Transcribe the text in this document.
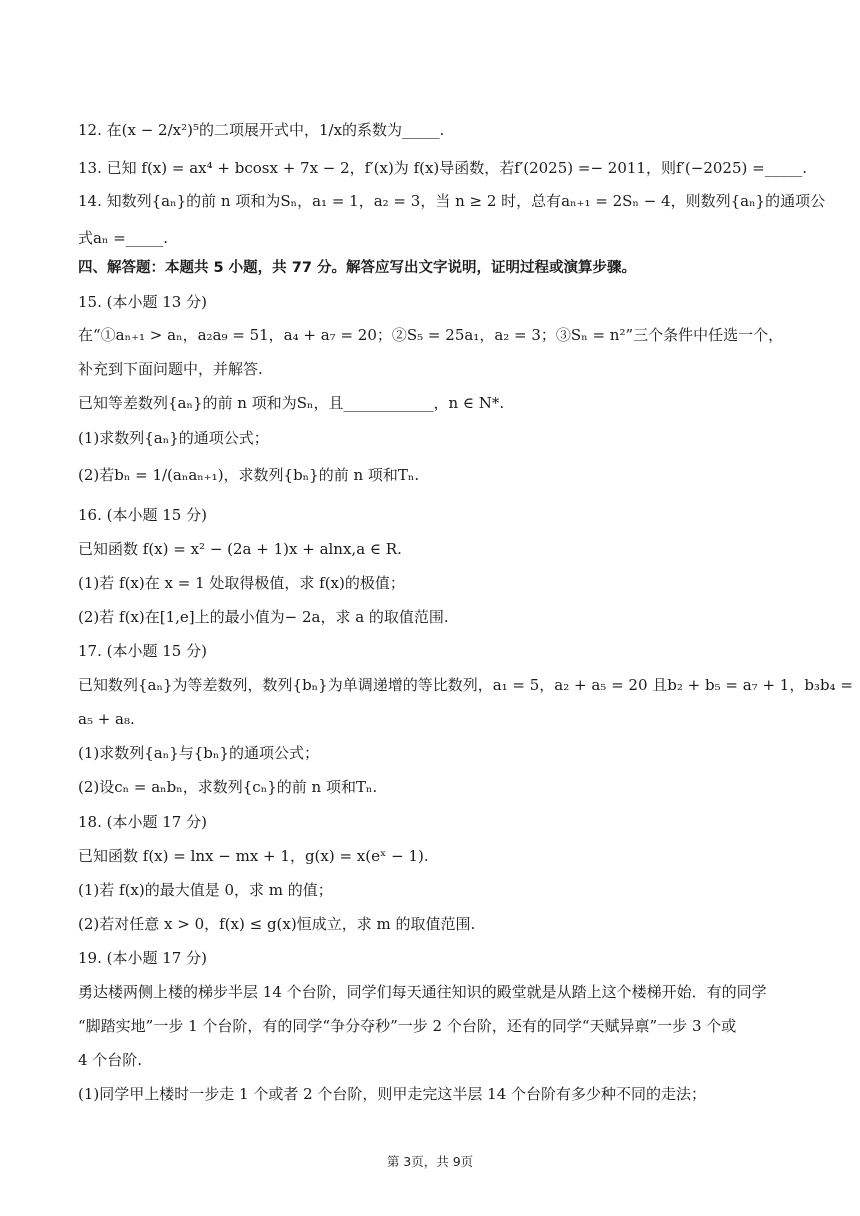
12. 在(x − 2/x²)⁵的二项展开式中，1/x的系数为_____.
13. 已知 f(x) = ax⁴ + bcosx + 7x − 2，f′(x)为 f(x)导函数，若f′(2025) =− 2011，则f′(−2025) =_____.
14. 知数列{aₙ}的前 n 项和为Sₙ，a₁ = 1，a₂ = 3，当 n ≥ 2 时，总有aₙ₊₁ = 2Sₙ − 4，则数列{aₙ}的通项公
式aₙ =_____.
四、解答题：本题共 5 小题，共 77 分。解答应写出文字说明，证明过程或演算步骤。
15. (本小题 13 分)
在“①aₙ₊₁ > aₙ，a₂a₉ = 51，a₄ + a₇ = 20；②S₅ = 25a₁，a₂ = 3；③Sₙ = n²”三个条件中任选一个，
补充到下面问题中，并解答.
已知等差数列{aₙ}的前 n 项和为Sₙ，且____________，n ∈ N*.
(1)求数列{aₙ}的通项公式；
(2)若bₙ = 1/(aₙaₙ₊₁)，求数列{bₙ}的前 n 项和Tₙ.
16. (本小题 15 分)
已知函数 f(x) = x² − (2a + 1)x + alnx,a ∈ R.
(1)若 f(x)在 x = 1 处取得极值，求 f(x)的极值；
(2)若 f(x)在[1,e]上的最小值为− 2a，求 a 的取值范围.
17. (本小题 15 分)
已知数列{aₙ}为等差数列，数列{bₙ}为单调递增的等比数列，a₁ = 5，a₂ + a₅ = 20 且b₂ + b₅ = a₇ + 1，b₃b₄ =
a₅ + a₈.
(1)求数列{aₙ}与{bₙ}的通项公式；
(2)设cₙ = aₙbₙ，求数列{cₙ}的前 n 项和Tₙ.
18. (本小题 17 分)
已知函数 f(x) = lnx − mx + 1，g(x) = x(eˣ − 1).
(1)若 f(x)的最大值是 0，求 m 的值；
(2)若对任意 x > 0，f(x) ≤ g(x)恒成立，求 m 的取值范围.
19. (本小题 17 分)
勇达楼两侧上楼的梯步半层 14 个台阶，同学们每天通往知识的殿堂就是从踏上这个楼梯开始．有的同学
“脚踏实地”一步 1 个台阶，有的同学“争分夺秒”一步 2 个台阶，还有的同学“天赋异禀”一步 3 个或
4 个台阶.
(1)同学甲上楼时一步走 1 个或者 2 个台阶，则甲走完这半层 14 个台阶有多少种不同的走法；
第 3页，共 9页
